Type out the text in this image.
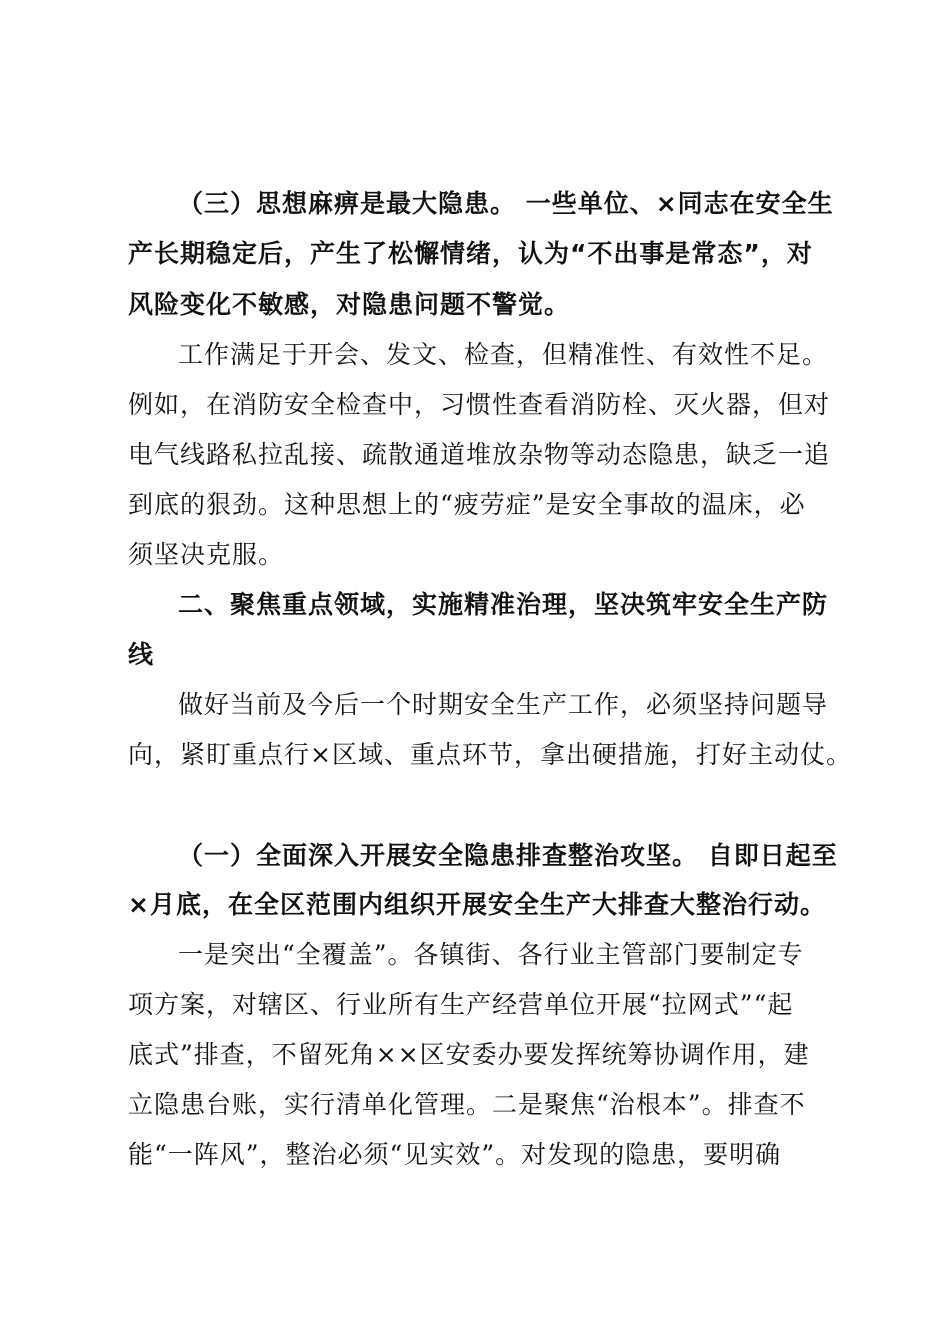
（三）思想麻痹是最大隐患。 一些单位、×同志在安全生
产长期稳定后，产生了松懈情绪，认为“不出事是常态”，对
风险变化不敏感，对隐患问题不警觉。
工作满足于开会、发文、检查，但精准性、有效性不足。
例如，在消防安全检查中，习惯性查看消防栓、灭火器，但对
电气线路私拉乱接、疏散通道堆放杂物等动态隐患，缺乏一追
到底的狠劲。这种思想上的“疲劳症”是安全事故的温床，必
须坚决克服。
二、聚焦重点领域，实施精准治理，坚决筑牢安全生产防
线
做好当前及今后一个时期安全生产工作，必须坚持问题导
向，紧盯重点行×区域、重点环节，拿出硬措施，打好主动仗。
（一）全面深入开展安全隐患排查整治攻坚。 自即日起至
×月底，在全区范围内组织开展安全生产大排查大整治行动。
一是突出“全覆盖”。各镇街、各行业主管部门要制定专
项方案，对辖区、行业所有生产经营单位开展“拉网式”“起
底式”排查，不留死角××区安委办要发挥统筹协调作用，建
立隐患台账，实行清单化管理。二是聚焦“治根本”。排查不
能“一阵风”，整治必须“见实效”。对发现的隐患，要明确
